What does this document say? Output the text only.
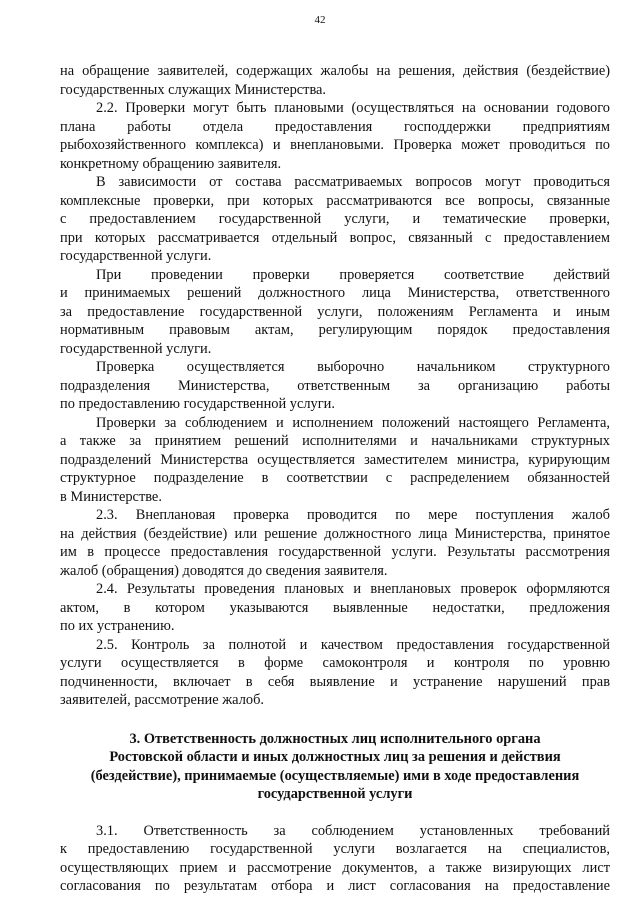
42
на обращение заявителей, содержащих жалобы на решения, действия (бездействие)
государственных служащих Министерства.
2.2. Проверки могут быть плановыми (осуществляться на основании годового
плана работы отдела предоставления господдержки предприятиям
рыбохозяйственного комплекса) и внеплановыми. Проверка может проводиться по
конкретному обращению заявителя.
В зависимости от состава рассматриваемых вопросов могут проводиться
комплексные проверки, при которых рассматриваются все вопросы, связанные
с предоставлением государственной услуги, и тематические проверки,
при которых рассматривается отдельный вопрос, связанный с предоставлением
государственной услуги.
При проведении проверки проверяется соответствие действий
и принимаемых решений должностного лица Министерства, ответственного
за предоставление государственной услуги, положениям Регламента и иным
нормативным правовым актам, регулирующим порядок предоставления
государственной услуги.
Проверка осуществляется выборочно начальником структурного
подразделения Министерства, ответственным за организацию работы
по предоставлению государственной услуги.
Проверки за соблюдением и исполнением положений настоящего Регламента,
а также за принятием решений исполнителями и начальниками структурных
подразделений Министерства осуществляется заместителем министра, курирующим
структурное подразделение в соответствии с распределением обязанностей
в Министерстве.
2.3. Внеплановая проверка проводится по мере поступления жалоб
на действия (бездействие) или решение должностного лица Министерства, принятое
им в процессе предоставления государственной услуги. Результаты рассмотрения
жалоб (обращения) доводятся до сведения заявителя.
2.4. Результаты проведения плановых и внеплановых проверок оформляются
актом, в котором указываются выявленные недостатки, предложения
по их устранению.
2.5. Контроль за полнотой и качеством предоставления государственной
услуги осуществляется в форме самоконтроля и контроля по уровню
подчиненности, включает в себя выявление и устранение нарушений прав
заявителей, рассмотрение жалоб.
3. Ответственность должностных лиц исполнительного органа
Ростовской области и иных должностных лиц за решения и действия
(бездействие), принимаемые (осуществляемые) ими в ходе предоставления
государственной услуги
3.1. Ответственность за соблюдением установленных требований
к предоставлению государственной услуги возлагается на специалистов,
осуществляющих прием и рассмотрение документов, а также визирующих лист
согласования по результатам отбора и лист согласования на предоставление
